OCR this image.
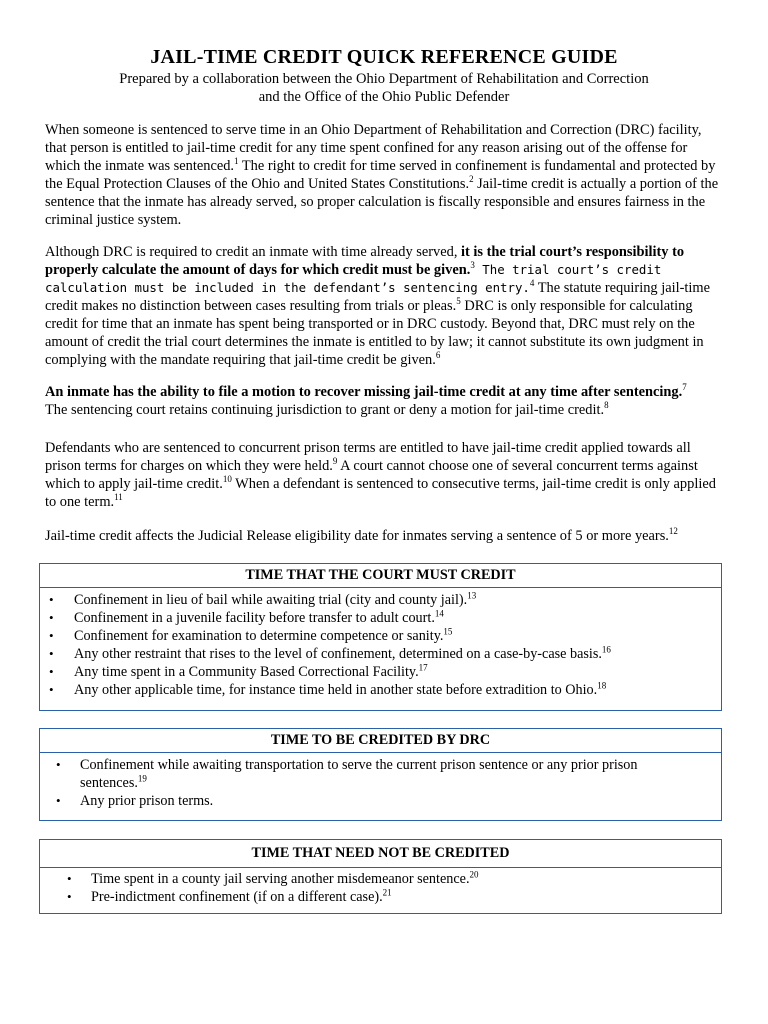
JAIL-TIME CREDIT QUICK REFERENCE GUIDE
Prepared by a collaboration between the Ohio Department of Rehabilitation and Correction
and the Office of the Ohio Public Defender
When someone is sentenced to serve time in an Ohio Department of Rehabilitation and Correction (DRC) facility, that person is entitled to jail-time credit for any time spent confined for any reason arising out of the offense for which the inmate was sentenced.$^1$ The right to credit for time served in confinement is fundamental and protected by the Equal Protection Clauses of the Ohio and United States Constitutions.$^2$ Jail-time credit is actually a portion of the sentence that the inmate has already served, so proper calculation is fiscally responsible and ensures fairness in the criminal justice system.
Although DRC is required to credit an inmate with time already served, it is the trial court’s responsibility to properly calculate the amount of days for which credit must be given.$^3$ The trial court’s credit calculation must be included in the defendant’s sentencing entry.$^4$ The statute requiring jail-time credit makes no distinction between cases resulting from trials or pleas.$^5$ DRC is only responsible for calculating credit for time that an inmate has spent being transported or in DRC custody. Beyond that, DRC must rely on the amount of credit the trial court determines the inmate is entitled to by law; it cannot substitute its own judgment in complying with the mandate requiring that jail-time credit be given.$^6$
An inmate has the ability to file a motion to recover missing jail-time credit at any time after sentencing.$^7$
The sentencing court retains continuing jurisdiction to grant or deny a motion for jail-time credit.$^8$
Defendants who are sentenced to concurrent prison terms are entitled to have jail-time credit applied towards all prison terms for charges on which they were held.$^9$ A court cannot choose one of several concurrent terms against which to apply jail-time credit.$^{10}$ When a defendant is sentenced to consecutive terms, jail-time credit is only applied to one term.$^{11}$
Jail-time credit affects the Judicial Release eligibility date for inmates serving a sentence of 5 or more years.$^{12}$
TIME THAT THE COURT MUST CREDIT
• Confinement in lieu of bail while awaiting trial (city and county jail).$^{13}$
• Confinement in a juvenile facility before transfer to adult court.$^{14}$
• Confinement for examination to determine competence or sanity.$^{15}$
• Any other restraint that rises to the level of confinement, determined on a case-by-case basis.$^{16}$
• Any time spent in a Community Based Correctional Facility.$^{17}$
• Any other applicable time, for instance time held in another state before extradition to Ohio.$^{18}$
TIME TO BE CREDITED BY DRC
• Confinement while awaiting transportation to serve the current prison sentence or any prior prison sentences.$^{19}$
• Any prior prison terms.
TIME THAT NEED NOT BE CREDITED
• Time spent in a county jail serving another misdemeanor sentence.$^{20}$
• Pre-indictment confinement (if on a different case).$^{21}$
